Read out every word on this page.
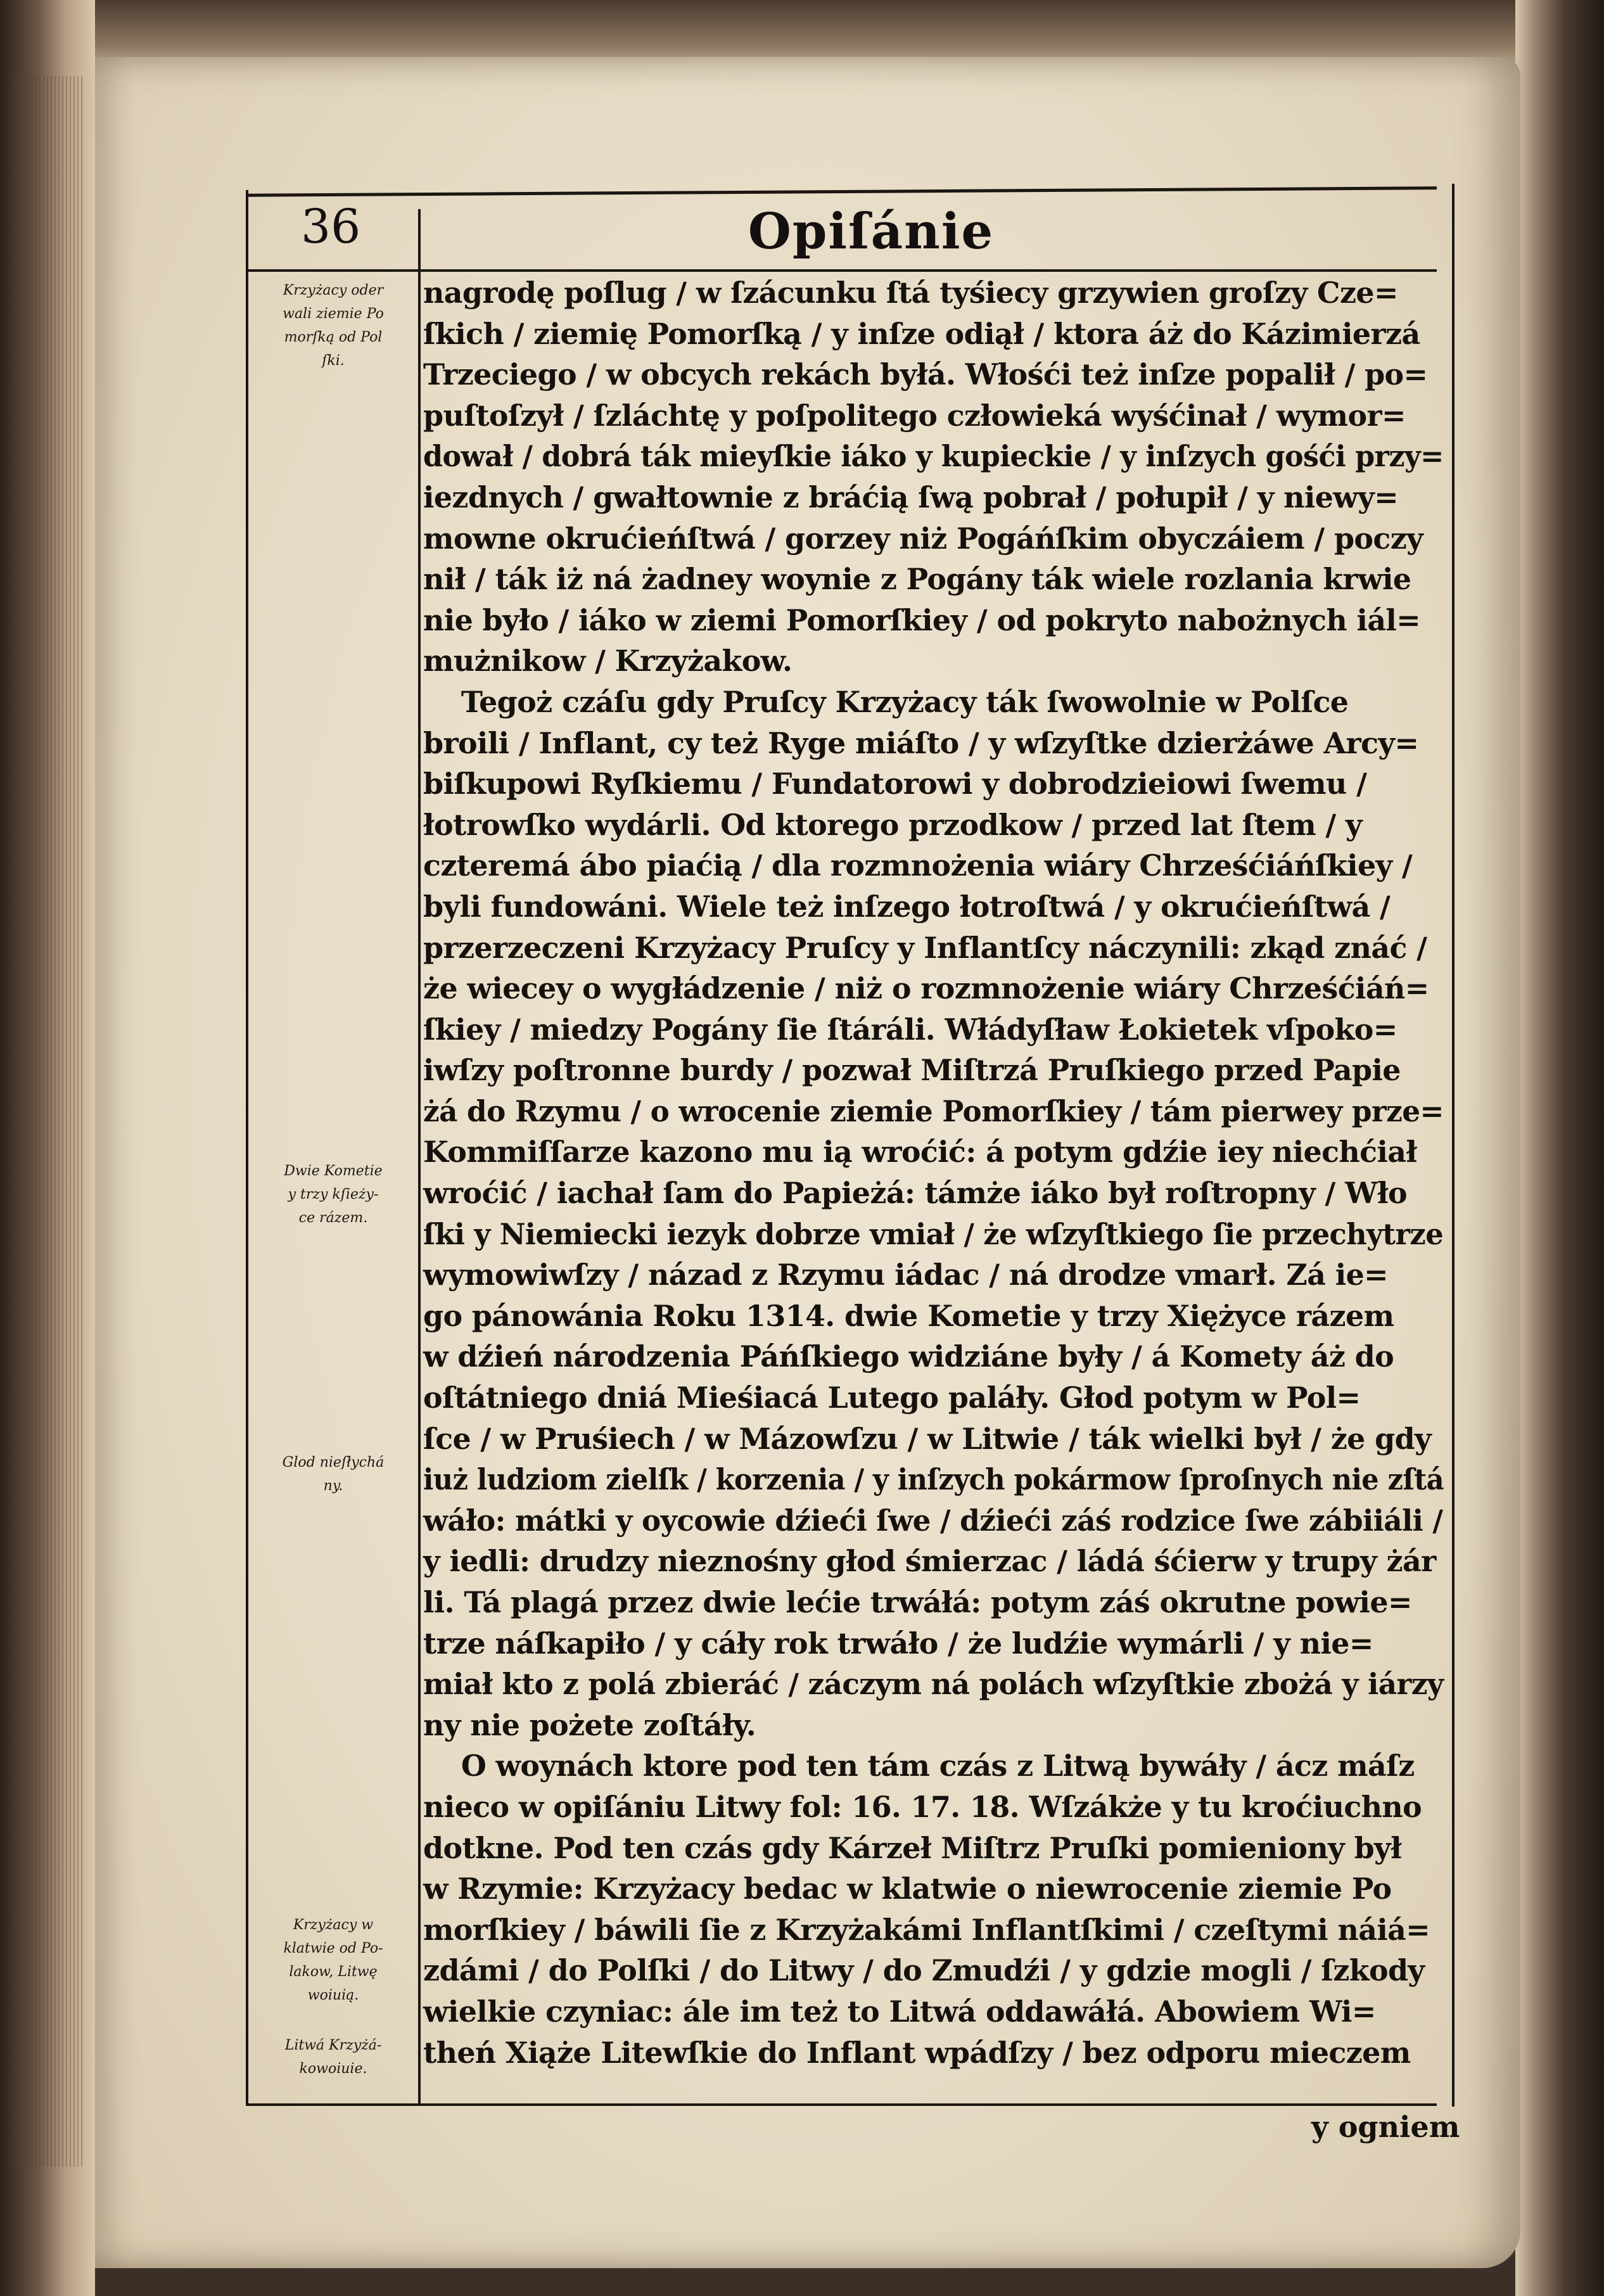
36	Opiſánie
Krzyżacy oder
wali ziemie Po
morſką od Pol
ſki.
Dwie Kometie
y trzy kſieży-
ce rázem.
Glod nieſłychá
ny.
Krzyżacy w
klatwie od Po-
lakow, Litwę
woiuią.
Litwá Krzyżá-
kowoiuie.
nagrodę poſlug / w ſzácunku ſtá tyśiecy grzywien groſzy Cze=
ſkich / ziemię Pomorſką / y inſze odiął / ktora áż do Kázimierzá
Trzeciego / w obcych rekách byłá. Włośći też inſze popalił / po=
puſtoſzył / ſzláchtę y poſpolitego człowieká wyśćinał / wymor=
dował / dobrá ták mieyſkie iáko y kupieckie / y inſzych gośći przy=
iezdnych / gwałtownie z bráćią ſwą pobrał / połupił / y niewy=
mowne okrućieńſtwá / gorzey niż Pogáńſkim obyczáiem / poczy
nił / ták iż ná żadney woynie z Pogány ták wiele rozlania krwie
nie było / iáko w ziemi Pomorſkiey / od pokryto nabożnych iál=
mużnikow / Krzyżakow.
Tegoż czáſu gdy Pruſcy Krzyżacy ták ſwowolnie w Polſce
broili / Inflant, cy też Ryge miáſto / y wſzyſtke dzierżáwe Arcy=
biſkupowi Ryſkiemu / Fundatorowi y dobrodzieiowi ſwemu /
łotrowſko wydárli. Od ktorego przodkow / przed lat ſtem / y
czteremá ábo piaćią / dla rozmnożenia wiáry Chrześćiáńſkiey /
byli fundowáni. Wiele też inſzego łotroſtwá / y okrućieńſtwá /
przerzeczeni Krzyżacy Pruſcy y Inflantſcy náczynili: zkąd znáć /
że wiecey o wygłádzenie / niż o rozmnożenie wiáry Chrześćiáń=
ſkiey / miedzy Pogány ſie ſtáráli. Włádyſław Łokietek vſpoko=
iwſzy poſtronne burdy / pozwał Miſtrzá Pruſkiego przed Papie
żá do Rzymu / o wrocenie ziemie Pomorſkiey / tám pierwey prze=
Kommiſſarze kazono mu ią wroćić: á potym gdźie iey niechćiał
wroćić / iachał ſam do Papieżá: támże iáko był roſtropny / Wło
ſki y Niemiecki iezyk dobrze vmiał / że wſzyſtkiego ſie przechytrze
wymowiwſzy / názad z Rzymu iádac / ná drodze vmarł. Zá ie=
go pánowánia Roku 1314. dwie Kometie y trzy Xiężyce rázem
w dźień národzenia Páńſkiego widziáne były / á Komety áż do
oſtátniego dniá Mieśiacá Lutego paláły. Głod potym w Pol=
ſce / w Pruśiech / w Mázowſzu / w Litwie / ták wielki był / że gdy
iuż ludziom zielſk / korzenia / y inſzych pokármow ſproſnych nie zſtá
wáło: mátki y oycowie dźieći ſwe / dźieći záś rodzice ſwe zábiiáli /
y iedli: drudzy nieznośny głod śmierzac / ládá śćierw y trupy żár
li. Tá plagá przez dwie lećie trwáłá: potym záś okrutne powie=
trze náſkapiło / y cáły rok trwáło / że ludźie wymárli / y nie=
miał kto z polá zbieráć / záczym ná polách wſzyſtkie zbożá y iárzy
ny nie pożete zoſtáły.
O woynách ktore pod ten tám czás z Litwą bywáły / ácz máſz
nieco w opiſániu Litwy fol: 16. 17. 18. Wſzákże y tu kroćiuchno
dotkne. Pod ten czás gdy Kárzeł Miſtrz Pruſki pomieniony był
w Rzymie: Krzyżacy bedac w klatwie o niewrocenie ziemie Po
morſkiey / báwili ſie z Krzyżakámi Inflantſkimi / czeſtymi náiá=
zdámi / do Polſki / do Litwy / do Zmudźi / y gdzie mogli / ſzkody
wielkie czyniac: ále im też to Litwá oddawáłá. Abowiem Wi=
theń Xiąże Litewſkie do Inflant wpádſzy / bez odporu mieczem
y ogniem
